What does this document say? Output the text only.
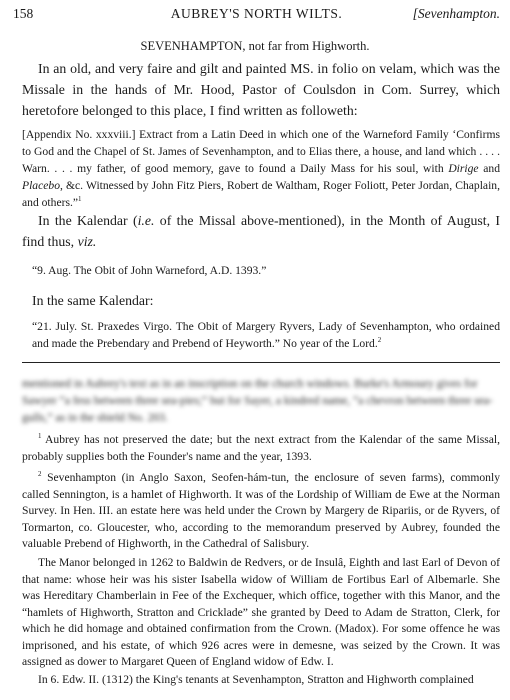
158	AUBREY'S NORTH WILTS.	[Sevenhampton.
SEVENHAMPTON, not far from Highworth.
In an old, and very faire and gilt and painted MS. in folio on velam, which was the Missale in the hands of Mr. Hood, Pastor of Coulsdon in Com. Surrey, which heretofore belonged to this place, I find written as followeth:
[Appendix No. xxxviii.] Extract from a Latin Deed in which one of the Warneford Family ‘Confirms to God and the Chapel of St. James of Sevenhampton, and to Elias there, a house, and land which . . . . Warn. . . . my father, of good memory, gave to found a Daily Mass for his soul, with Dirige and Placebo, &c. Witnessed by John Fitz Piers, Robert de Waltham, Roger Foliott, Peter Jordan, Chaplain, and others.”$^1$
In the Kalendar (i.e. of the Missal above-mentioned), in the Month of August, I find thus, viz.
“9. Aug. The Obit of John Warneford, A.D. 1393.”
In the same Kalendar:
“21. July. St. Praxedes Virgo. The Obit of Margery Ryvers, Lady of Sevenhampton, who ordained and made the Prebendary and Prebend of Heyworth.” No year of the Lord.$^2$
mentioned in Aubrey's text as in an inscription on the church windows. Burke's Armoury gives for Sawyer “a fess between three sea-pies;” but for Sayer, a kindred name, “a chevron between three sea-gulls,” as in the shield No. 203.
$^1$ Aubrey has not preserved the date; but the next extract from the Kalendar of the same Missal, probably supplies both the Founder's name and the year, 1393.
$^2$ Sevenhampton (in Anglo Saxon, Seofen-hám-tun, the enclosure of seven farms), commonly called Sennington, is a hamlet of Highworth. It was of the Lordship of William de Ewe at the Norman Survey. In Hen. III. an estate here was held under the Crown by Margery de Ripariis, or de Ryvers, of Tormarton, co. Gloucester, who, according to the memorandum preserved by Aubrey, founded the valuable Prebend of Highworth, in the Cathedral of Salisbury.
The Manor belonged in 1262 to Baldwin de Redvers, or de Insulâ, Eighth and last Earl of Devon of that name: whose heir was his sister Isabella widow of William de Fortibus Earl of Albemarle. She was Hereditary Chamberlain in Fee of the Exchequer, which office, together with this Manor, and the “hamlets of Highworth, Stratton and Cricklade” she granted by Deed to Adam de Stratton, Clerk, for which he did homage and obtained confirmation from the Crown. (Madox). For some offence he was imprisoned, and his estate, of which 926 acres were in demesne, was seized by the Crown. It was assigned as dower to Margaret Queen of England widow of Edw. I.
In 6. Edw. II. (1312) the King's tenants at Sevenhampton, Stratton and Highworth complained
